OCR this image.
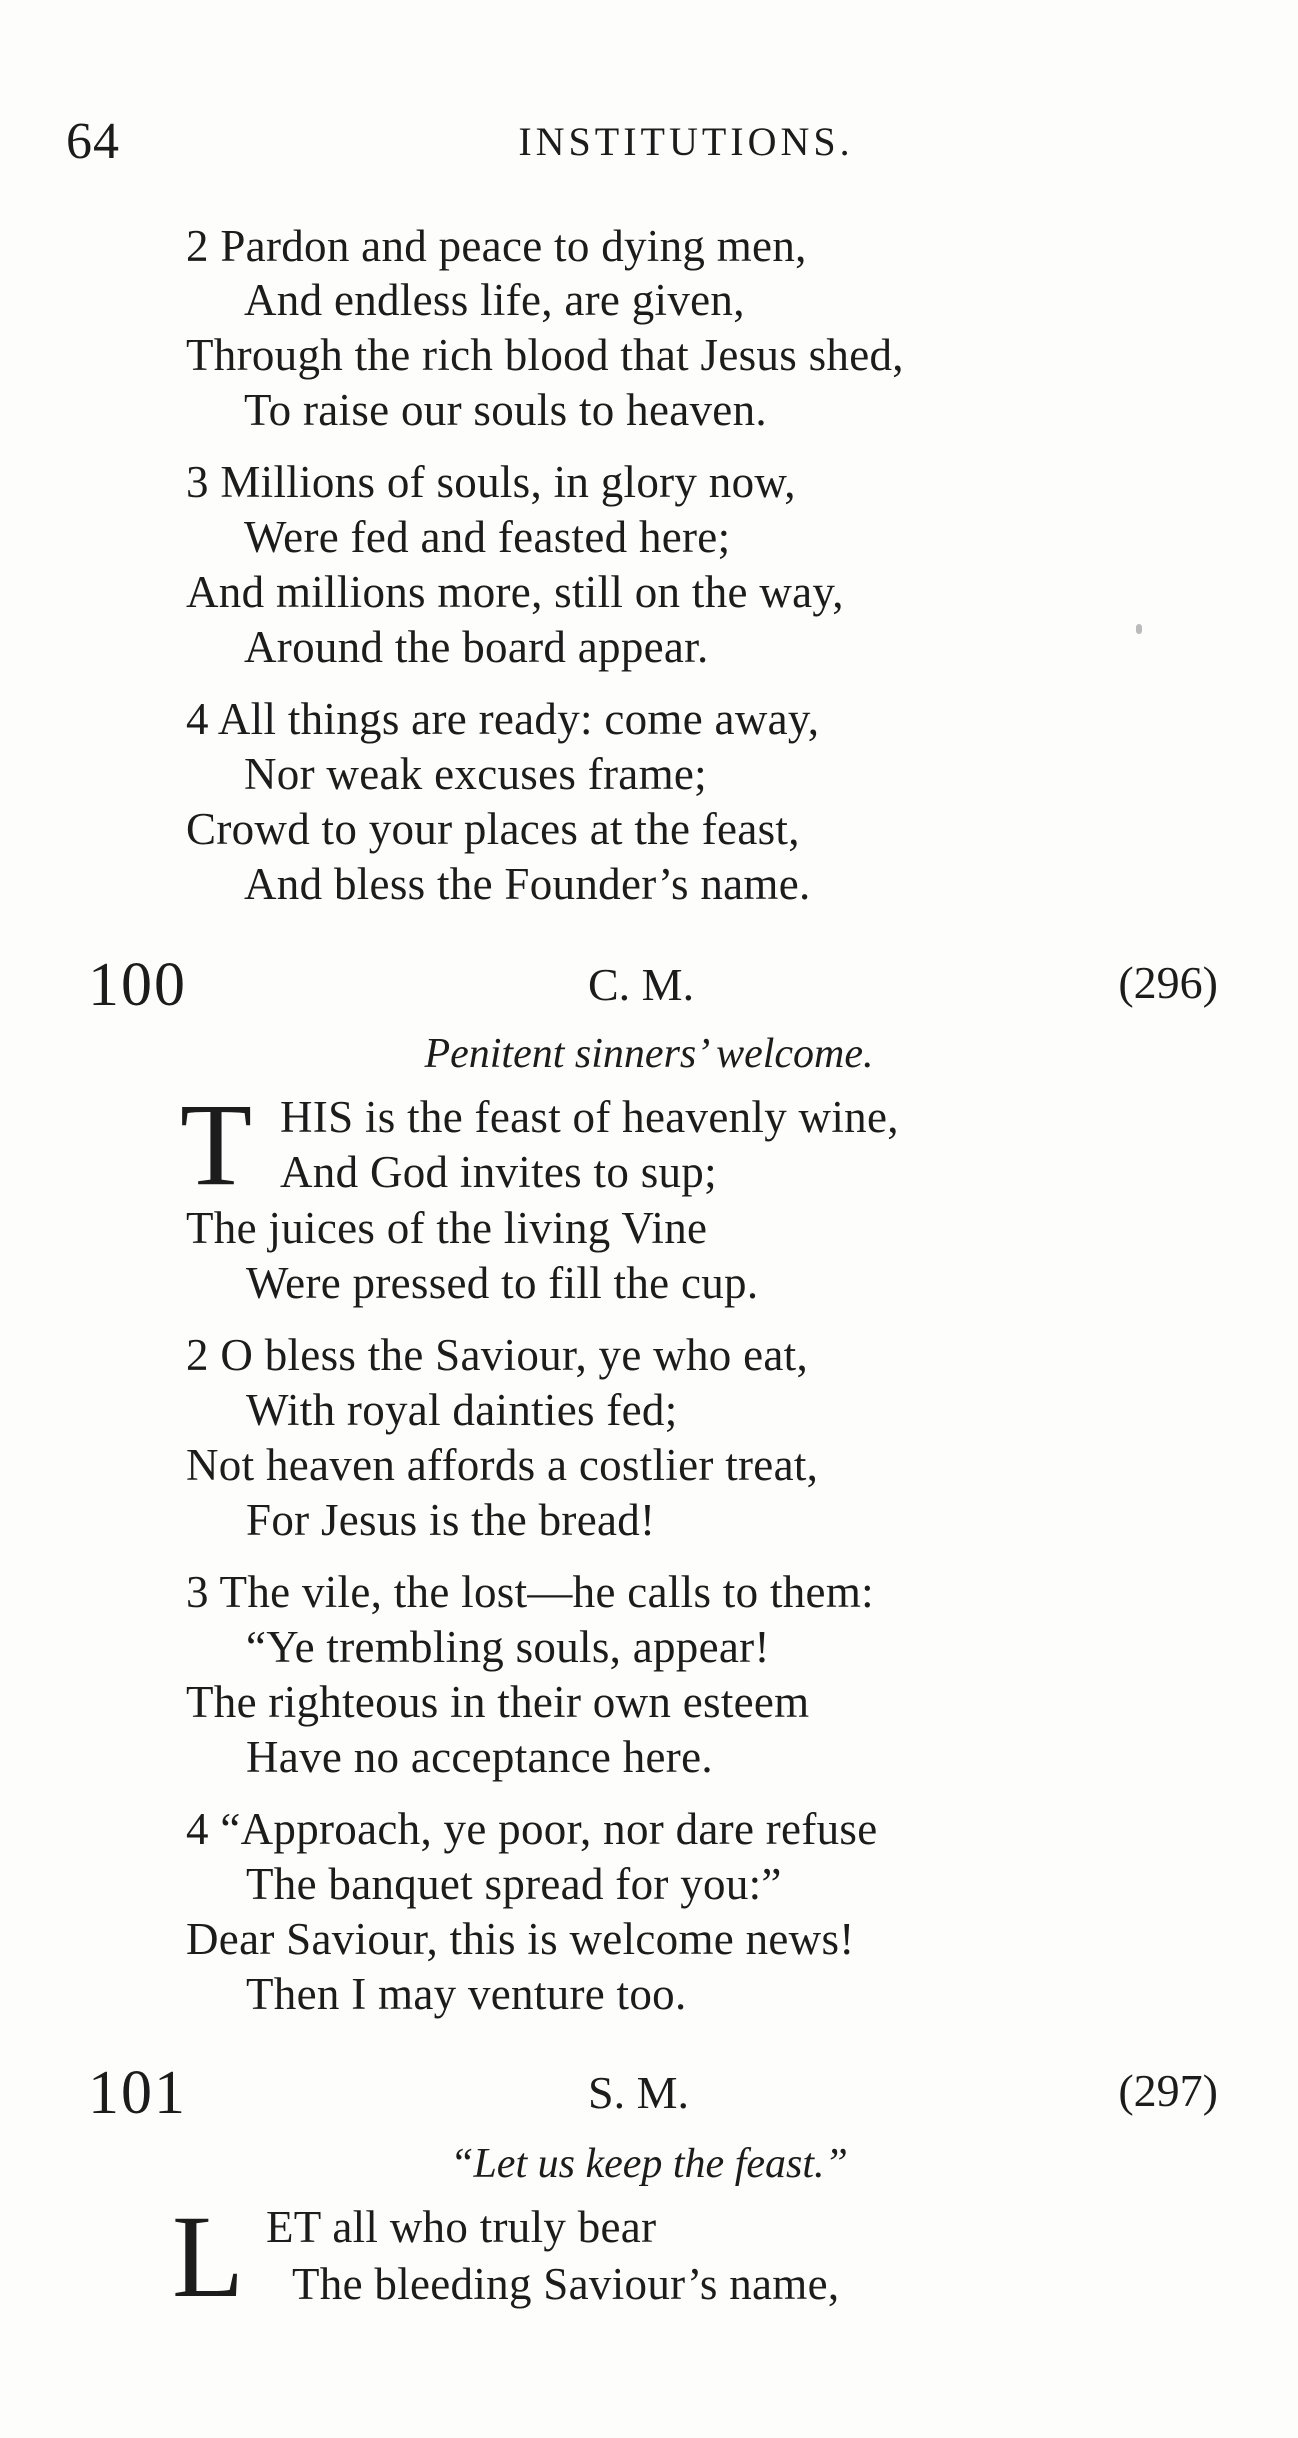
64	INSTITUTIONS.
2 Pardon and peace to dying men,
And endless life, are given,
Through the rich blood that Jesus shed,
To raise our souls to heaven.
3 Millions of souls, in glory now,
Were fed and feasted here;
And millions more, still on the way,
Around the board appear.
4 All things are ready: come away,
Nor weak excuses frame;
Crowd to your places at the feast,
And bless the Founder’s name.
100	C. M.	(296)
Penitent sinners’ welcome.
T HIS is the feast of heavenly wine,
And God invites to sup;
The juices of the living Vine
Were pressed to fill the cup.
2 O bless the Saviour, ye who eat,
With royal dainties fed;
Not heaven affords a costlier treat,
For Jesus is the bread!
3 The vile, the lost—he calls to them:
“Ye trembling souls, appear!
The righteous in their own esteem
Have no acceptance here.
4 “Approach, ye poor, nor dare refuse
The banquet spread for you:”
Dear Saviour, this is welcome news!
Then I may venture too.
101	S. M.	(297)
“Let us keep the feast.”
L ET all who truly bear
The bleeding Saviour’s name,
